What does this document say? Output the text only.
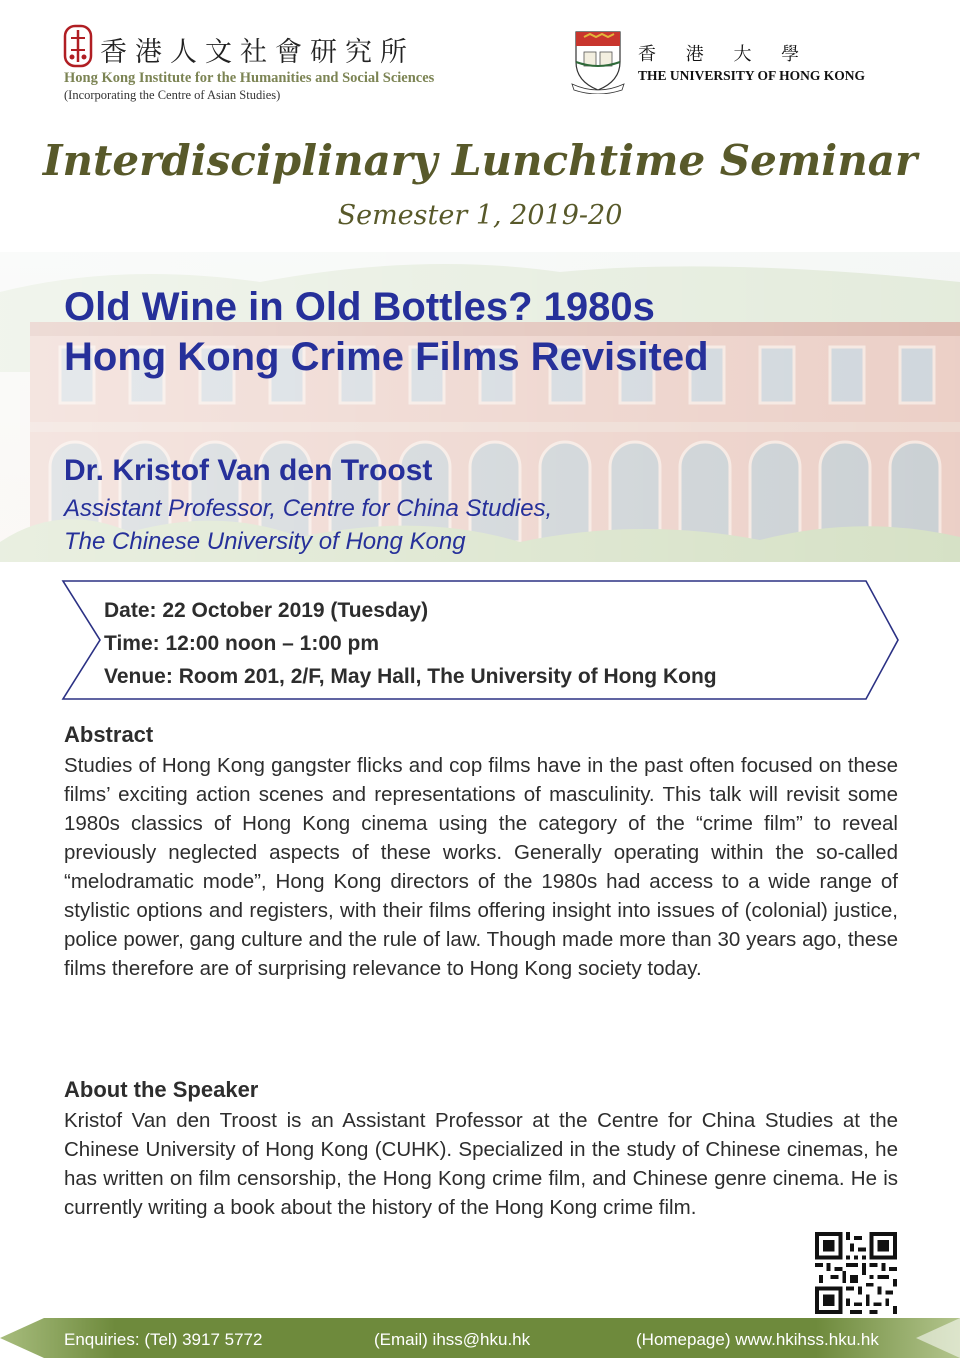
香港人文社會研究所
Hong Kong Institute for the Humanities and Social Sciences
(Incorporating the Centre of Asian Studies)
香 港 大 學
THE UNIVERSITY OF HONG KONG
Interdisciplinary Lunchtime Seminar
Semester 1, 2019-20
Old Wine in Old Bottles? 1980s
Hong Kong Crime Films Revisited
Dr. Kristof Van den Troost
Assistant Professor, Centre for China Studies,
The Chinese University of Hong Kong
Date: 22 October 2019 (Tuesday)
Time: 12:00 noon – 1:00 pm
Venue: Room 201, 2/F, May Hall, The University of Hong Kong
Abstract
Studies of Hong Kong gangster flicks and cop films have in the past often focused on these films’ exciting action scenes and representations of masculinity. This talk will revisit some 1980s classics of Hong Kong cinema using the category of the “crime film” to reveal previously neglected aspects of these works. Generally operating within the so-called “melodramatic mode”, Hong Kong directors of the 1980s had access to a wide range of stylistic options and registers, with their films offering insight into issues of (colonial) justice, police power, gang culture and the rule of law. Though made more than 30 years ago, these films therefore are of surprising relevance to Hong Kong society today.
About the Speaker
Kristof Van den Troost is an Assistant Professor at the Centre for China Studies at the Chinese University of Hong Kong (CUHK). Specialized in the study of Chinese cinemas, he has written on film censorship, the Hong Kong crime film, and Chinese genre cinema. He is currently writing a book about the history of the Hong Kong crime film.
Enquiries: (Tel) 3917 5772	(Email) ihss@hku.hk	(Homepage) www.hkihss.hku.hk
